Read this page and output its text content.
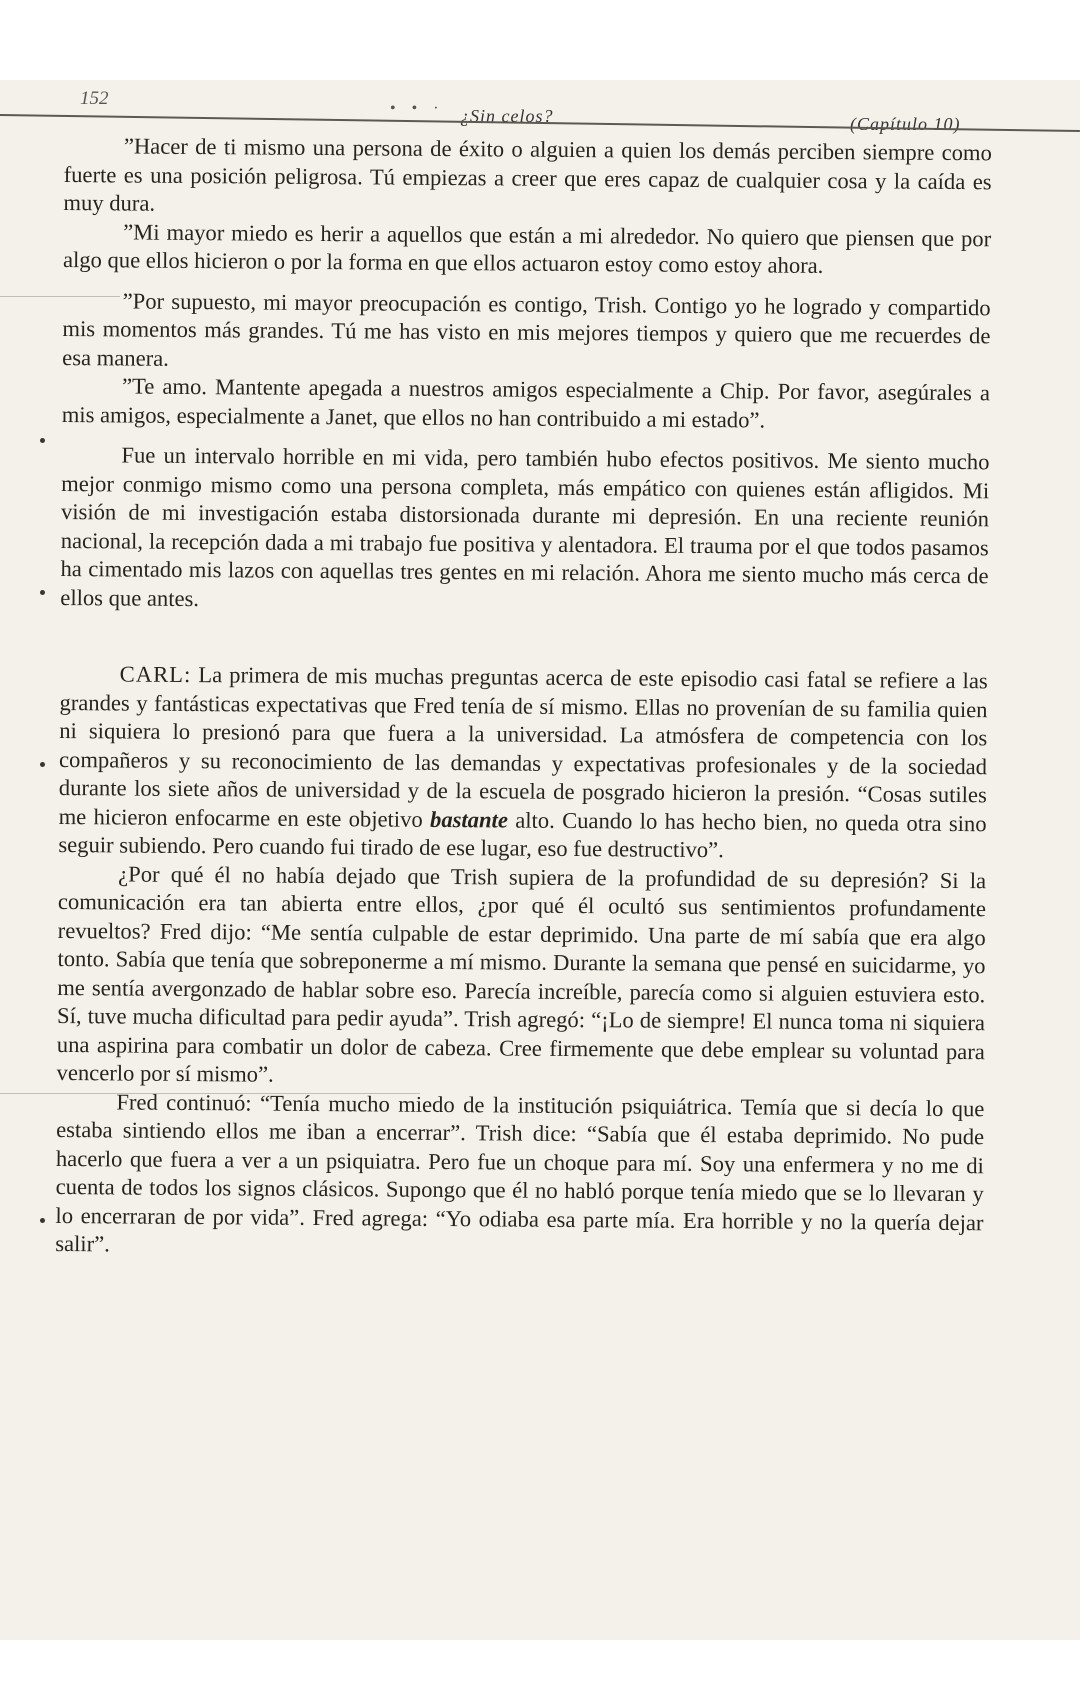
152	• • · ¿Sin celos?	(Capítulo 10)

”Hacer de ti mismo una persona de éxito o alguien a quien los demás perciben siempre como fuerte es una posición peligrosa. Tú empiezas a creer que eres capaz de cualquier cosa y la caída es muy dura.

”Mi mayor miedo es herir a aquellos que están a mi alrededor. No quiero que piensen que por algo que ellos hicieron o por la forma en que ellos actuaron estoy como estoy ahora.

”Por supuesto, mi mayor preocupación es contigo, Trish. Contigo yo he logrado y compartido mis momentos más grandes. Tú me has visto en mis mejores tiempos y quiero que me recuerdes de esa manera.

”Te amo. Mantente apegada a nuestros amigos especialmente a Chip. Por favor, asegúrales a mis amigos, especialmente a Janet, que ellos no han contribuido a mi estado”.

Fue un intervalo horrible en mi vida, pero también hubo efectos positivos. Me siento mucho mejor conmigo mismo como una persona completa, más empático con quienes están afligidos. Mi visión de mi investigación estaba distorsionada durante mi depresión. En una reciente reunión nacional, la recepción dada a mi trabajo fue positiva y alentadora. El trauma por el que todos pasamos ha cimentado mis lazos con aquellas tres gentes en mi relación. Ahora me siento mucho más cerca de ellos que antes.

CARL: La primera de mis muchas preguntas acerca de este episodio casi fatal se refiere a las grandes y fantásticas expectativas que Fred tenía de sí mismo. Ellas no provenían de su familia quien ni siquiera lo presionó para que fuera a la universidad. La atmósfera de competencia con los compañeros y su reconocimiento de las demandas y expectativas profesionales y de la sociedad durante los siete años de universidad y de la escuela de posgrado hicieron la presión. “Cosas sutiles me hicieron enfocarme en este objetivo bastante alto. Cuando lo has hecho bien, no queda otra sino seguir subiendo. Pero cuando fui tirado de ese lugar, eso fue destructivo”.

¿Por qué él no había dejado que Trish supiera de la profundidad de su depresión? Si la comunicación era tan abierta entre ellos, ¿por qué él ocultó sus sentimientos profundamente revueltos? Fred dijo: “Me sentía culpable de estar deprimido. Una parte de mí sabía que era algo tonto. Sabía que tenía que sobreponerme a mí mismo. Durante la semana que pensé en suicidarme, yo me sentía avergonzado de hablar sobre eso. Parecía increíble, parecía como si alguien estuviera esto. Sí, tuve mucha dificultad para pedir ayuda”. Trish agregó: “¡Lo de siempre! El nunca toma ni siquiera una aspirina para combatir un dolor de cabeza. Cree firmemente que debe emplear su voluntad para vencerlo por sí mismo”.

Fred continuó: “Tenía mucho miedo de la institución psiquiátrica. Temía que si decía lo que estaba sintiendo ellos me iban a encerrar”. Trish dice: “Sabía que él estaba deprimido. No pude hacerlo que fuera a ver a un psiquiatra. Pero fue un choque para mí. Soy una enfermera y no me di cuenta de todos los signos clásicos. Supongo que él no habló porque tenía miedo que se lo llevaran y lo encerraran de por vida”. Fred agrega: “Yo odiaba esa parte mía. Era horrible y no la quería dejar salir”.
